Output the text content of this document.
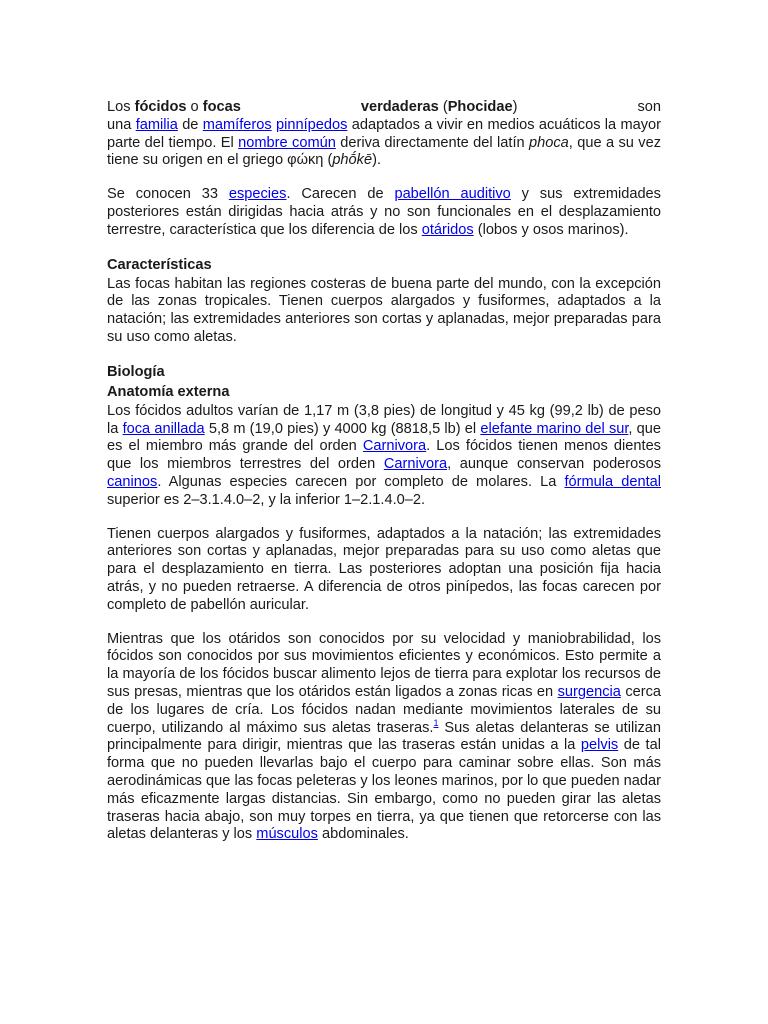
Los fócidos o focas	verdaderas (Phocidae)	son

una familia de mamíferos pinnípedos adaptados a vivir en medios acuáticos la mayor parte del tiempo. El nombre común deriva directamente del latín phoca, que a su vez tiene su origen en el griego φώκη (phṓkē).

Se conocen 33 especies. Carecen de pabellón auditivo y sus extremidades posteriores están dirigidas hacia atrás y no son funcionales en el desplazamiento terrestre, característica que los diferencia de los otáridos (lobos y osos marinos).

Características

Las focas habitan las regiones costeras de buena parte del mundo, con la excepción de las zonas tropicales. Tienen cuerpos alargados y fusiformes, adaptados a la natación; las extremidades anteriores son cortas y aplanadas, mejor preparadas para su uso como aletas.

Biología
Anatomía externa

Los fócidos adultos varían de 1,17 m (3,8 pies) de longitud y 45 kg (99,2 lb) de peso la foca anillada 5,8 m (19,0 pies) y 4000 kg (8818,5 lb) el elefante marino del sur, que es el miembro más grande del orden Carnivora. Los fócidos tienen menos dientes que los miembros terrestres del orden Carnivora, aunque conservan poderosos caninos. Algunas especies carecen por completo de molares. La fórmula dental superior es 2–3.1.4.0–2, y la inferior 1–2.1.4.0–2.

Tienen cuerpos alargados y fusiformes, adaptados a la natación; las extremidades anteriores son cortas y aplanadas, mejor preparadas para su uso como aletas que para el desplazamiento en tierra. Las posteriores adoptan una posición fija hacia atrás, y no pueden retraerse. A diferencia de otros pinípedos, las focas carecen por completo de pabellón auricular.

Mientras que los otáridos son conocidos por su velocidad y maniobrabilidad, los fócidos son conocidos por sus movimientos eficientes y económicos. Esto permite a la mayoría de los fócidos buscar alimento lejos de tierra para explotar los recursos de sus presas, mientras que los otáridos están ligados a zonas ricas en surgencia cerca de los lugares de cría. Los fócidos nadan mediante movimientos laterales de su cuerpo, utilizando al máximo sus aletas traseras.$^1$ Sus aletas delanteras se utilizan principalmente para dirigir, mientras que las traseras están unidas a la pelvis de tal forma que no pueden llevarlas bajo el cuerpo para caminar sobre ellas. Son más aerodinámicas que las focas peleteras y los leones marinos, por lo que pueden nadar más eficazmente largas distancias. Sin embargo, como no pueden girar las aletas traseras hacia abajo, son muy torpes en tierra, ya que tienen que retorcerse con las aletas delanteras y los músculos abdominales.
